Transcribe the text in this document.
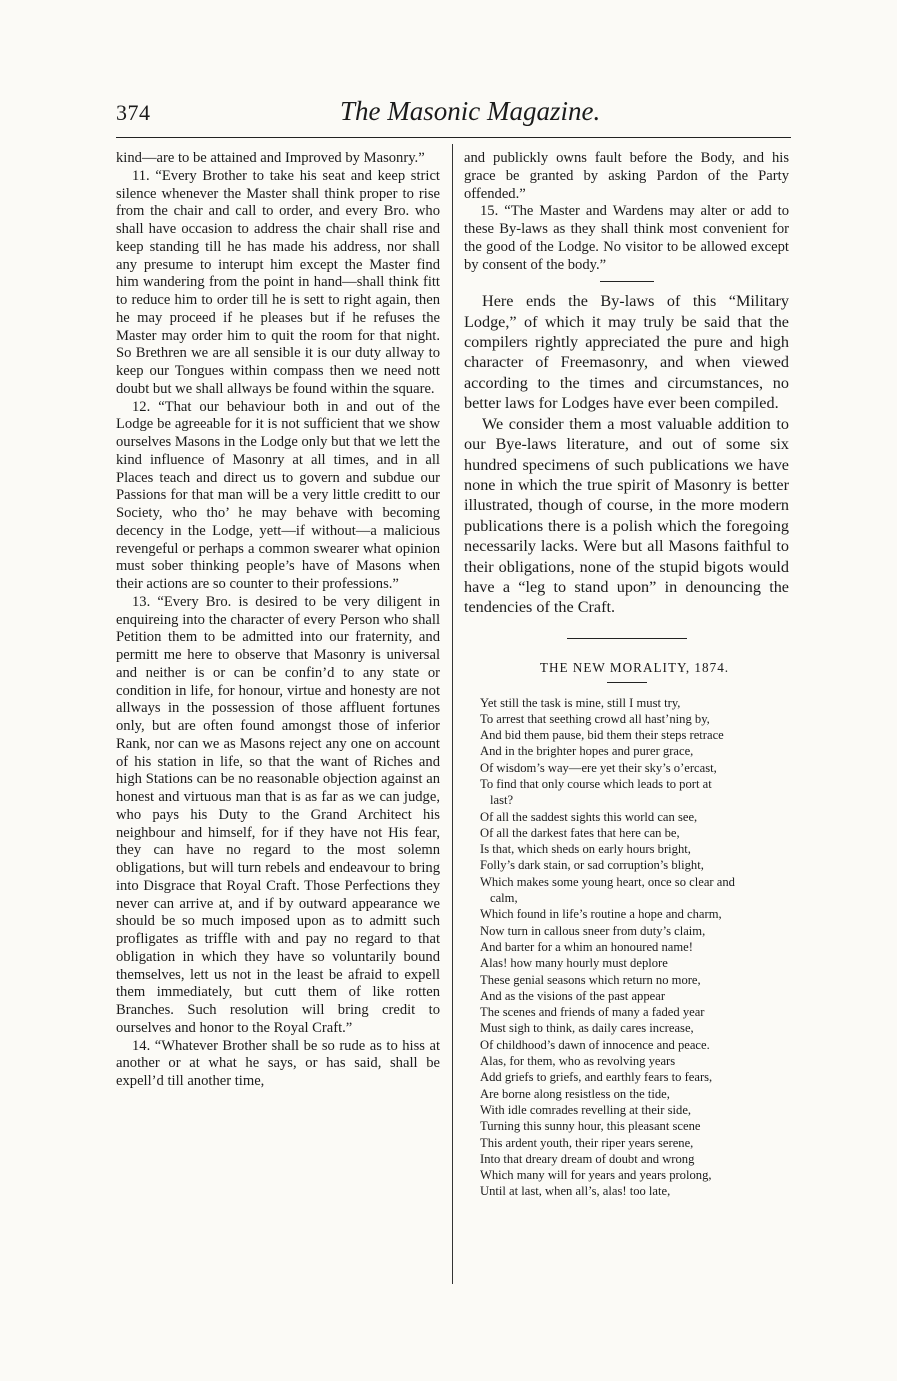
374	The Masonic Magazine.

kind—are to be attained and Improved by Masonry.”

11. “Every Brother to take his seat and keep strict silence whenever the Master shall think proper to rise from the chair and call to order, and every Bro. who shall have occasion to address the chair shall rise and keep standing till he has made his address, nor shall any presume to interupt him except the Master find him wandering from the point in hand—shall think fitt to reduce him to order till he is sett to right again, then he may proceed if he pleases but if he refuses the Master may order him to quit the room for that night. So Brethren we are all sensible it is our duty allway to keep our Tongues within compass then we need nott doubt but we shall allways be found within the square.

12. “That our behaviour both in and out of the Lodge be agreeable for it is not sufficient that we show ourselves Masons in the Lodge only but that we lett the kind influence of Masonry at all times, and in all Places teach and direct us to govern and subdue our Passions for that man will be a very little creditt to our Society, who tho’ he may behave with becoming decency in the Lodge, yett—if without—a malicious revengeful or perhaps a common swearer what opinion must sober thinking people’s have of Masons when their actions are so counter to their professions.”

13. “Every Bro. is desired to be very diligent in enquireing into the character of every Person who shall Petition them to be admitted into our fraternity, and permitt me here to observe that Masonry is universal and neither is or can be confin’d to any state or condition in life, for honour, virtue and honesty are not allways in the possession of those affluent fortunes only, but are often found amongst those of inferior Rank, nor can we as Masons reject any one on account of his station in life, so that the want of Riches and high Stations can be no reasonable objection against an honest and virtuous man that is as far as we can judge, who pays his Duty to the Grand Architect his neighbour and himself, for if they have not His fear, they can have no regard to the most solemn obligations, but will turn rebels and endeavour to bring into Disgrace that Royal Craft. Those Perfections they never can arrive at, and if by outward appearance we should be so much imposed upon as to admitt such profligates as triffle with and pay no regard to that obligation in which they have so voluntarily bound themselves, lett us not in the least be afraid to expell them immediately, but cutt them of like rotten Branches. Such resolution will bring credit to ourselves and honor to the Royal Craft.”

14. “Whatever Brother shall be so rude as to hiss at another or at what he says, or has said, shall be expell’d till another time,

and publickly owns fault before the Body, and his grace be granted by asking Pardon of the Party offended.”

15. “The Master and Wardens may alter or add to these By-laws as they shall think most convenient for the good of the Lodge. No visitor to be allowed except by consent of the body.”

Here ends the By-laws of this “Military Lodge,” of which it may truly be said that the compilers rightly appreciated the pure and high character of Freemasonry, and when viewed according to the times and circumstances, no better laws for Lodges have ever been compiled.

We consider them a most valuable addition to our Bye-laws literature, and out of some six hundred specimens of such publications we have none in which the true spirit of Masonry is better illustrated, though of course, in the more modern publications there is a polish which the foregoing necessarily lacks. Were but all Masons faithful to their obligations, none of the stupid bigots would have a “leg to stand upon” in denouncing the tendencies of the Craft.

THE NEW MORALITY, 1874.

Yet still the task is mine, still I must try,
To arrest that seething crowd all hast’ning by,
And bid them pause, bid them their steps retrace
And in the brighter hopes and purer grace,
Of wisdom’s way—ere yet their sky’s o’ercast,
To find that only course which leads to port at
last?
Of all the saddest sights this world can see,
Of all the darkest fates that here can be,
Is that, which sheds on early hours bright,
Folly’s dark stain, or sad corruption’s blight,
Which makes some young heart, once so clear and
calm,
Which found in life’s routine a hope and charm,
Now turn in callous sneer from duty’s claim,
And barter for a whim an honoured name!
Alas! how many hourly must deplore
These genial seasons which return no more,
And as the visions of the past appear
The scenes and friends of many a faded year
Must sigh to think, as daily cares increase,
Of childhood’s dawn of innocence and peace.
Alas, for them, who as revolving years
Add griefs to griefs, and earthly fears to fears,
Are borne along resistless on the tide,
With idle comrades revelling at their side,
Turning this sunny hour, this pleasant scene
This ardent youth, their riper years serene,
Into that dreary dream of doubt and wrong
Which many will for years and years prolong,
Until at last, when all’s, alas! too late,
